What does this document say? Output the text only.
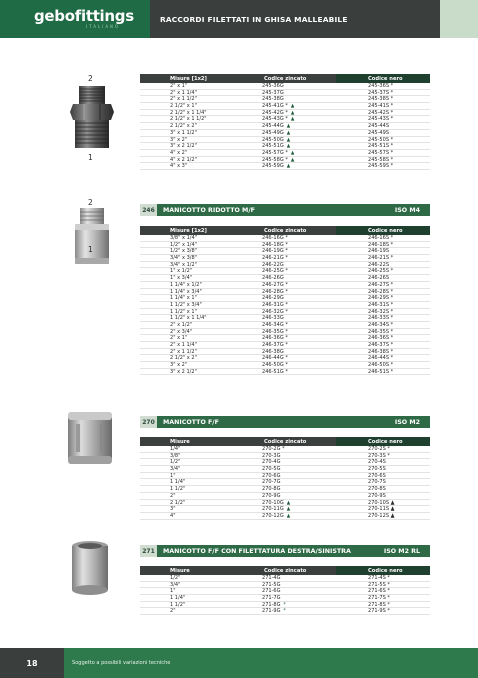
gebofittings
ITALIANO
RACCORDI FILETTATI IN GHISA MALLEABILE
2
1
Misure [1x2]	Codice zincato	Codice nero
2" x 1"	245-36G	245-36S *
2" x 1 1/4"	245-37G	245-37S *
2" x 1 1/2"	245-38G	245-38S *
2 1/2" x 1"	245-41G * ▲	245-41S *
2 1/2" x 1 1/4"	245-42G * ▲	245-42S *
2 1/2" x 1 1/2"	245-43G * ▲	245-43S *
2 1/2" x 2"	245-44G ▲	245-44S
3" x 1 1/2"	245-49G ▲	245-49S
3" x 2"	245-50G ▲	245-50S *
3" x 2 1/2"	245-51G ▲	245-51S *
4" x 2"	245-57G * ▲	245-57S *
4" x 2 1/2"	245-58G * ▲	245-58S *
4" x 3"	245-59G ▲	245-59S *
246	MANICOTTO RIDOTTO M/F	ISO M4
2
1
Misure [1x2]	Codice zincato	Codice nero
3/8" x 1/4"	246-16G *	246-16S *
1/2" x 1/4"	246-18G *	246-18S *
1/2" x 3/8"	246-19G *	246-19S
3/4" x 3/8"	246-21G *	246-21S *
3/4" x 1/2"	246-22G	246-22S
1" x 1/2"	246-25G *	246-25S *
1" x 3/4"	246-26G	246-26S
1 1/4" x 1/2"	246-27G *	246-27S *
1 1/4" x 3/4"	246-28G *	246-28S *
1 1/4" x 1"	246-29G	246-29S *
1 1/2" x 3/4"	246-31G *	246-31S *
1 1/2" x 1"	246-32G *	246-32S *
1 1/2" x 1 1/4"	246-33G	246-33S *
2" x 1/2"	246-34G *	246-34S *
2" x 3/4"	246-35G *	246-35S *
2" x 1"	246-36G *	246-36S *
2" x 1 1/4"	246-37G *	246-37S *
2" x 1 1/2"	246-38G	246-38S *
2 1/2" x 2"	246-44G *	246-44S *
3" x 2"	246-50G *	246-50S *
3" x 2 1/2"	246-51G *	246-51S *
270	MANICOTTO F/F	ISO M2
Misure	Codice zincato	Codice nero
1/4"	270-2G *	270-2S *
3/8"	270-3G	270-3S *
1/2"	270-4G	270-4S
3/4"	270-5G	270-5S
1"	270-6G	270-6S
1 1/4"	270-7G	270-7S
1 1/2"	270-8G	270-8S
2"	270-9G	270-9S
2 1/2"	270-10G ▲	270-10S ▲
3"	270-11G ▲	270-11S ▲
4"	270-12G ▲	270-12S ▲
271	MANICOTTO F/F CON FILETTATURA DESTRA/SINISTRA	ISO M2 RL
Misure	Codice zincato	Codice nero
1/2"	271-4G	271-4S *
3/4"	271-5G	271-5S *
1"	271-6G	271-6S *
1 1/4"	271-7G	271-7S *
1 1/2"	271-8G *	271-8S *
2"	271-9G *	271-9S *
18	Soggetto a possibili variazioni tecniche
